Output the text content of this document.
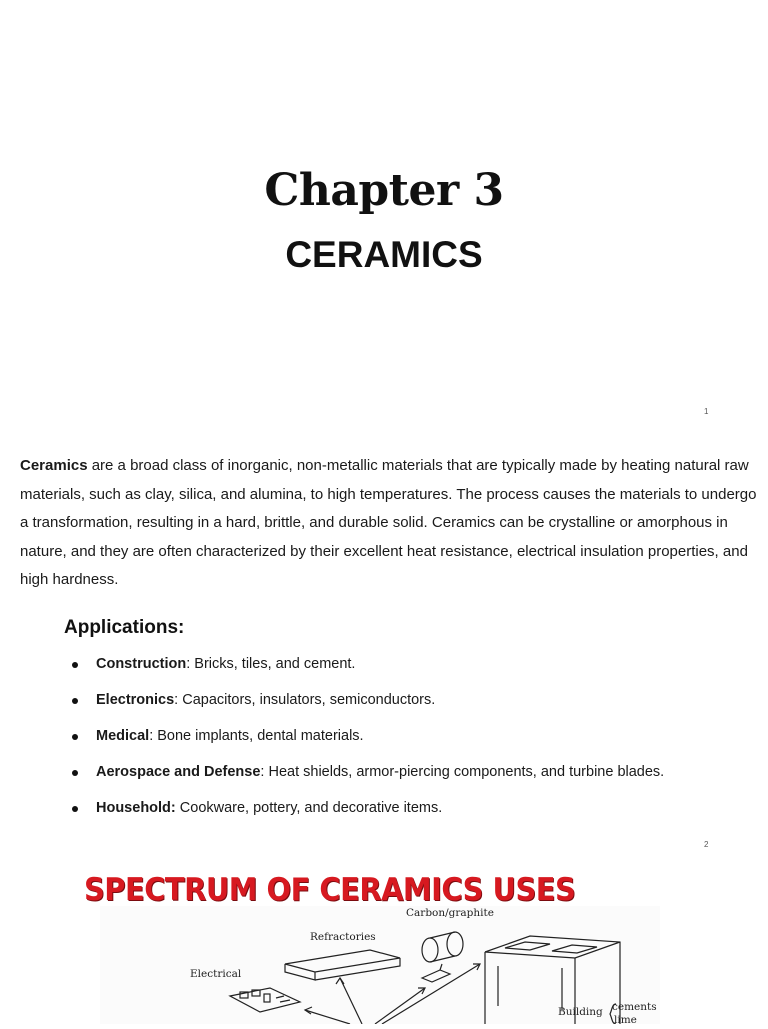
Chapter 3
CERAMICS
1
Ceramics are a broad class of inorganic, non-metallic materials that are typically made by heating natural raw materials, such as clay, silica, and alumina, to high temperatures. The process causes the materials to undergo a transformation, resulting in a hard, brittle, and durable solid. Ceramics can be crystalline or amorphous in nature, and they are often characterized by their excellent heat resistance, electrical insulation properties, and high hardness.
Applications:
Construction: Bricks, tiles, and cement.
Electronics: Capacitors, insulators, semiconductors.
Medical: Bone implants, dental materials.
Aerospace and Defense: Heat shields, armor-piercing components, and turbine blades.
Household: Cookware, pottery, and decorative items.
2
Carbon/graphite
Refractories
Electrical
Building cements
lime
SPECTRUM OF CERAMICS USES
